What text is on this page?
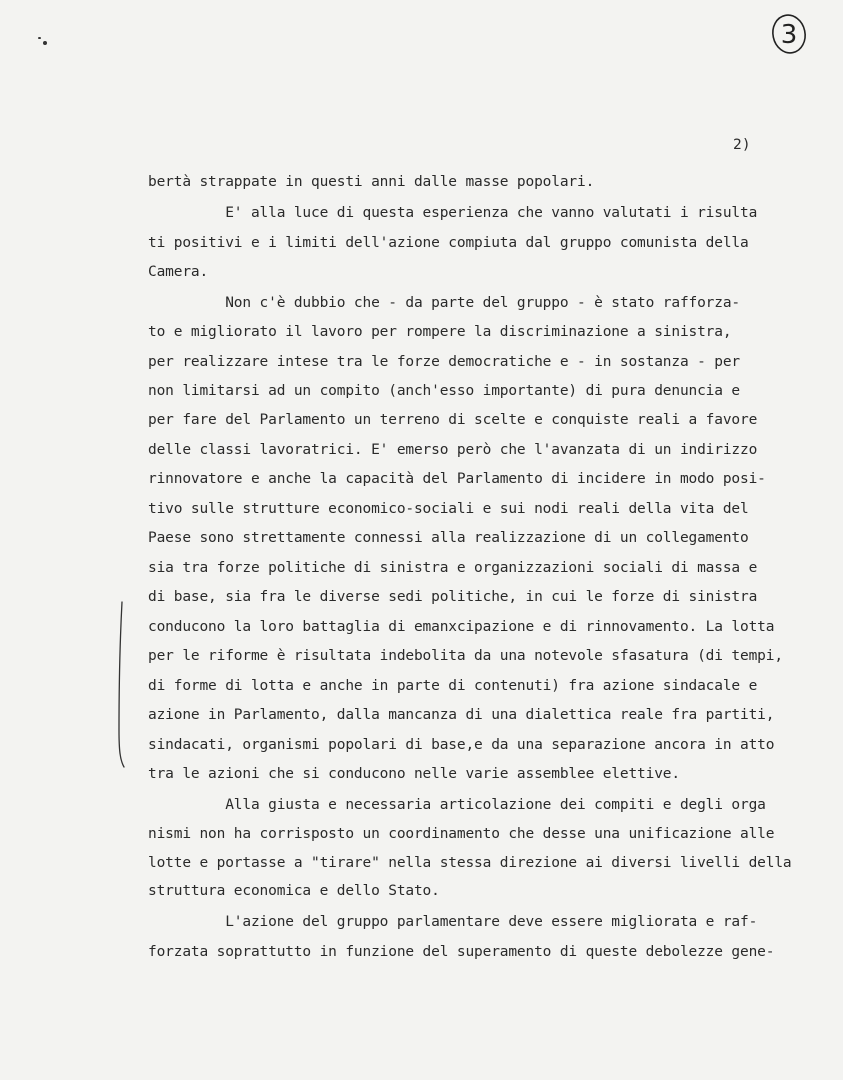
3
2)
bertà strappate in questi anni dalle masse popolari.
E' alla luce di questa esperienza che vanno valutati i risulta
ti positivi e i limiti dell'azione compiuta dal gruppo comunista della
Camera.
Non c'è dubbio che - da parte del gruppo - è stato rafforza-
to e migliorato il lavoro per rompere la discriminazione a sinistra,
per realizzare intese tra le forze democratiche e - in sostanza - per
non limitarsi ad un compito (anch'esso importante) di pura denuncia e
per fare del Parlamento un terreno di scelte e conquiste reali a favore
delle classi lavoratrici. E' emerso però che l'avanzata di un indirizzo
rinnovatore e anche la capacità del Parlamento di incidere in modo posi-
tivo sulle strutture economico-sociali e sui nodi reali della vita del
Paese sono strettamente connessi alla realizzazione di un collegamento
sia tra forze politiche di sinistra e organizzazioni sociali di massa e
di base, sia fra le diverse sedi politiche, in cui le forze di sinistra
conducono la loro battaglia di emanxcipazione e di rinnovamento. La lotta
per le riforme è risultata indebolita da una notevole sfasatura (di tempi,
di forme di lotta e anche in parte di contenuti) fra azione sindacale e
azione in Parlamento, dalla mancanza di una dialettica reale fra partiti,
sindacati, organismi popolari di base,e da una separazione ancora in atto
tra le azioni che si conducono nelle varie assemblee elettive.
Alla giusta e necessaria articolazione dei compiti e degli orga
nismi non ha corrisposto un coordinamento che desse una unificazione alle
lotte e portasse a "tirare" nella stessa direzione ai diversi livelli della
struttura economica e dello Stato.
L'azione del gruppo parlamentare deve essere migliorata e raf-
forzata soprattutto in funzione del superamento di queste debolezze gene-
